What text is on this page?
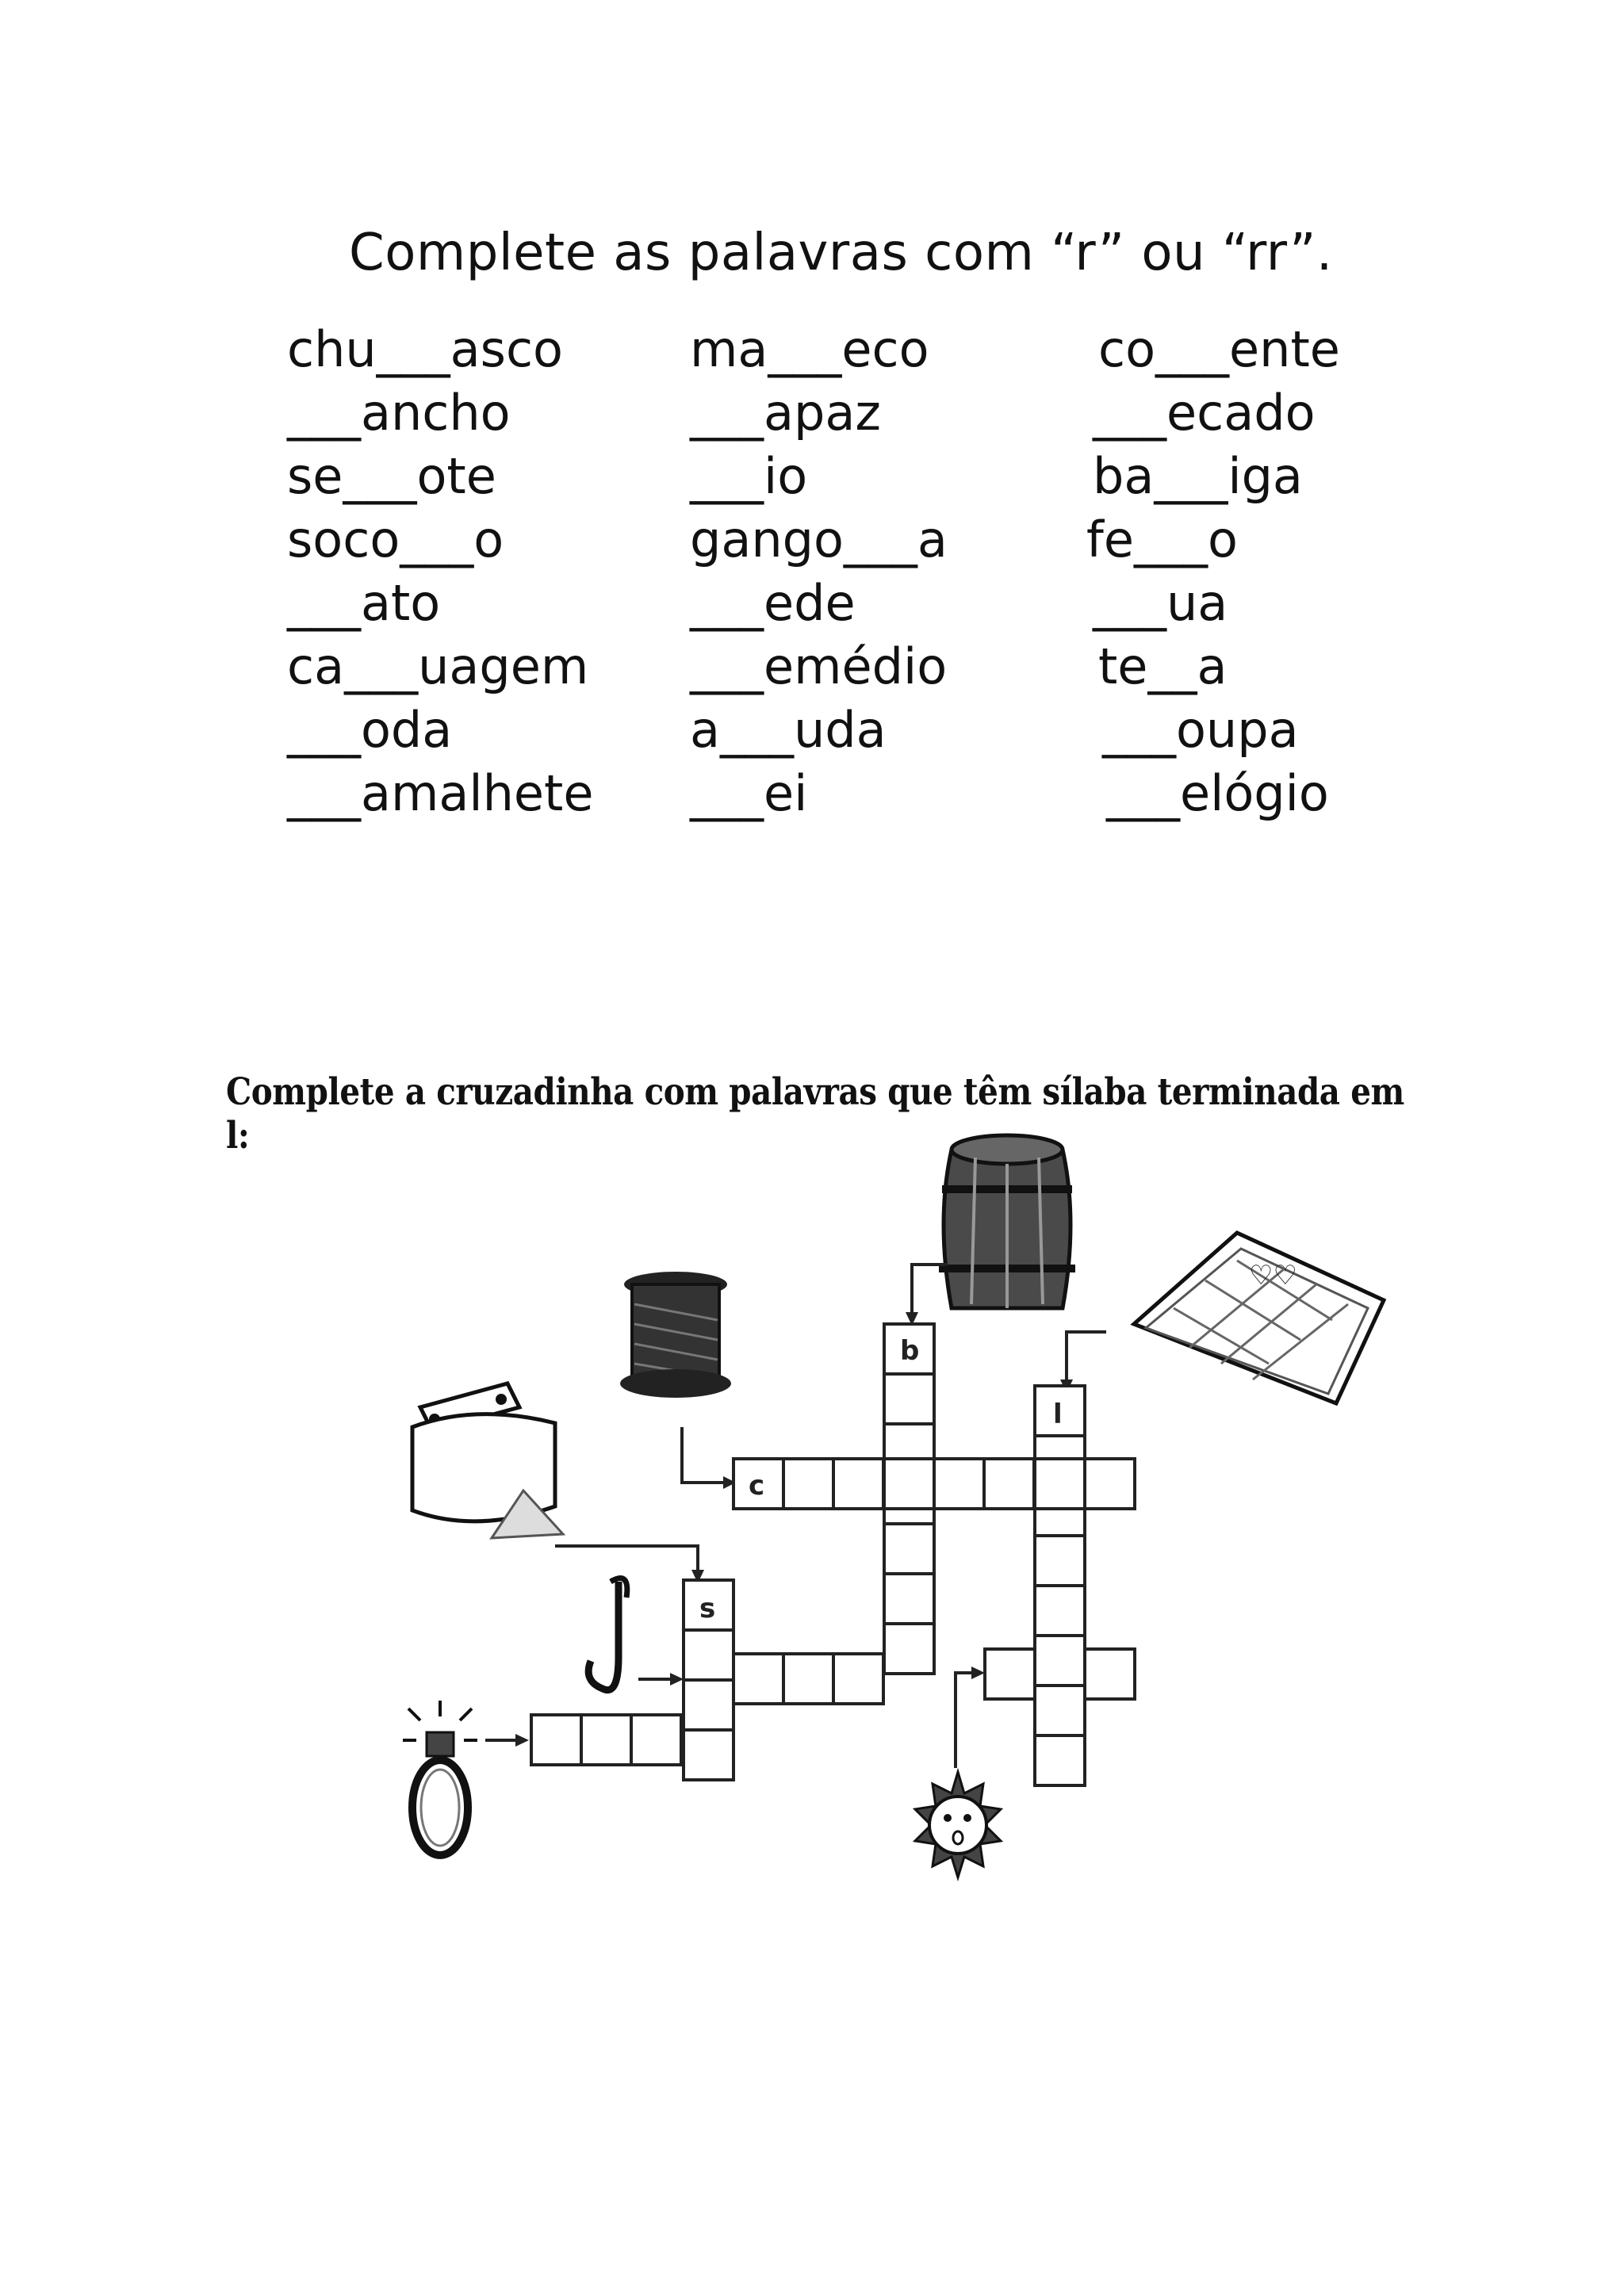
Complete as palavras com “r” ou “rr”.
chu___asco
___ancho
se___ote
soco___o
___ato
ca___uagem
___oda
___amalhete
ma___eco
___apaz
___io
gango___a
___ede
___emédio
a___uda
___ei
co___ente
___ecado
ba___iga
fe___o
___ua
te__a
___oupa
___elógio
Complete a cruzadinha com palavras que têm sílaba terminada em l:
♡♡
b
l
c
s
